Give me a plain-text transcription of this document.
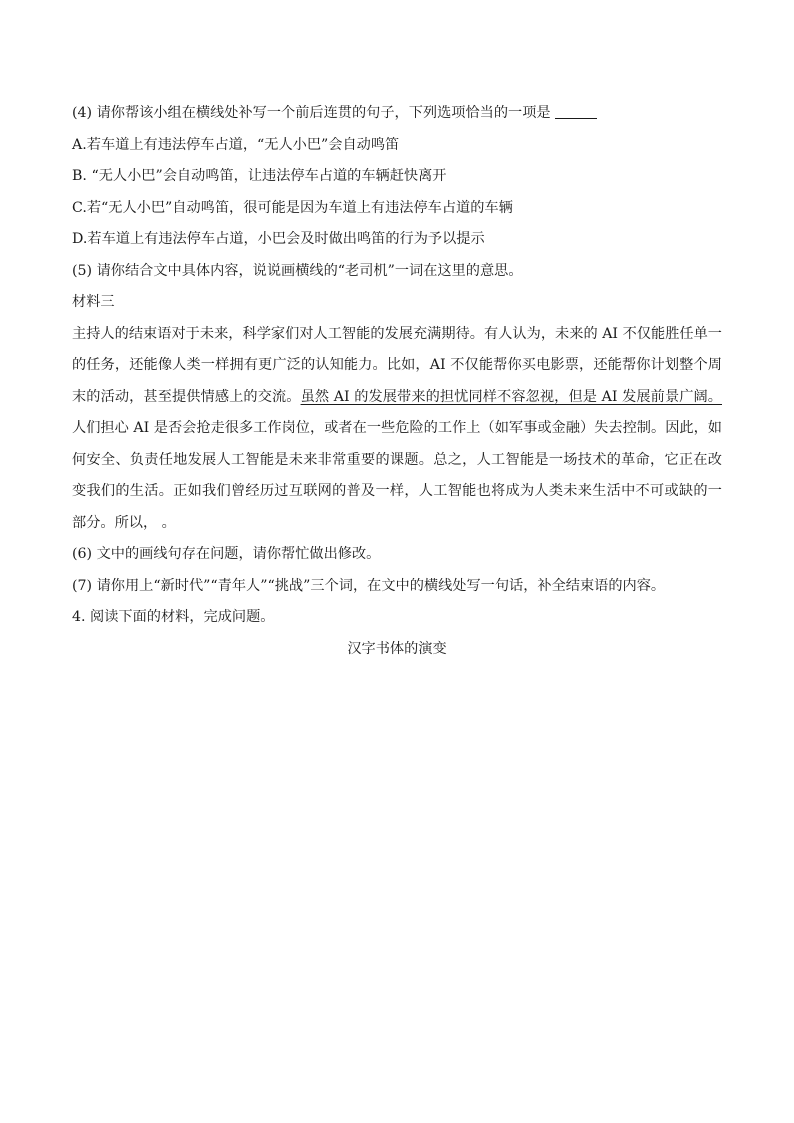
(4) 请你帮该小组在横线处补写一个前后连贯的句子，下列选项恰当的一项是
A.若车道上有违法停车占道，“无人小巴”会自动鸣笛
B. “无人小巴”会自动鸣笛，让违法停车占道的车辆赶快离开
C.若“无人小巴”自动鸣笛，很可能是因为车道上有违法停车占道的车辆
D.若车道上有违法停车占道，小巴会及时做出鸣笛的行为予以提示
(5) 请你结合文中具体内容，说说画横线的“老司机”一词在这里的意思。
材料三
主持人的结束语对于未来，科学家们对人工智能的发展充满期待。有人认为，未来的 AI 不仅能胜任单一的任务，还能像人类一样拥有更广泛的认知能力。比如，AI 不仅能帮你买电影票，还能帮你计划整个周末的活动，甚至提供情感上的交流。虽然 AI 的发展带来的担忧同样不容忽视，但是 AI 发展前景广阔。人们担心 AI 是否会抢走很多工作岗位，或者在一些危险的工作上（如军事或金融）失去控制。因此，如何安全、负责任地发展人工智能是未来非常重要的课题。总之，人工智能是一场技术的革命，它正在改变我们的生活。正如我们曾经历过互联网的普及一样，人工智能也将成为人类未来生活中不可或缺的一部分。所以， 。
(6) 文中的画线句存在问题，请你帮忙做出修改。
(7) 请你用上“新时代”“青年人”“挑战”三个词，在文中的横线处写一句话，补全结束语的内容。
4. 阅读下面的材料，完成问题。
汉字书体的演变
